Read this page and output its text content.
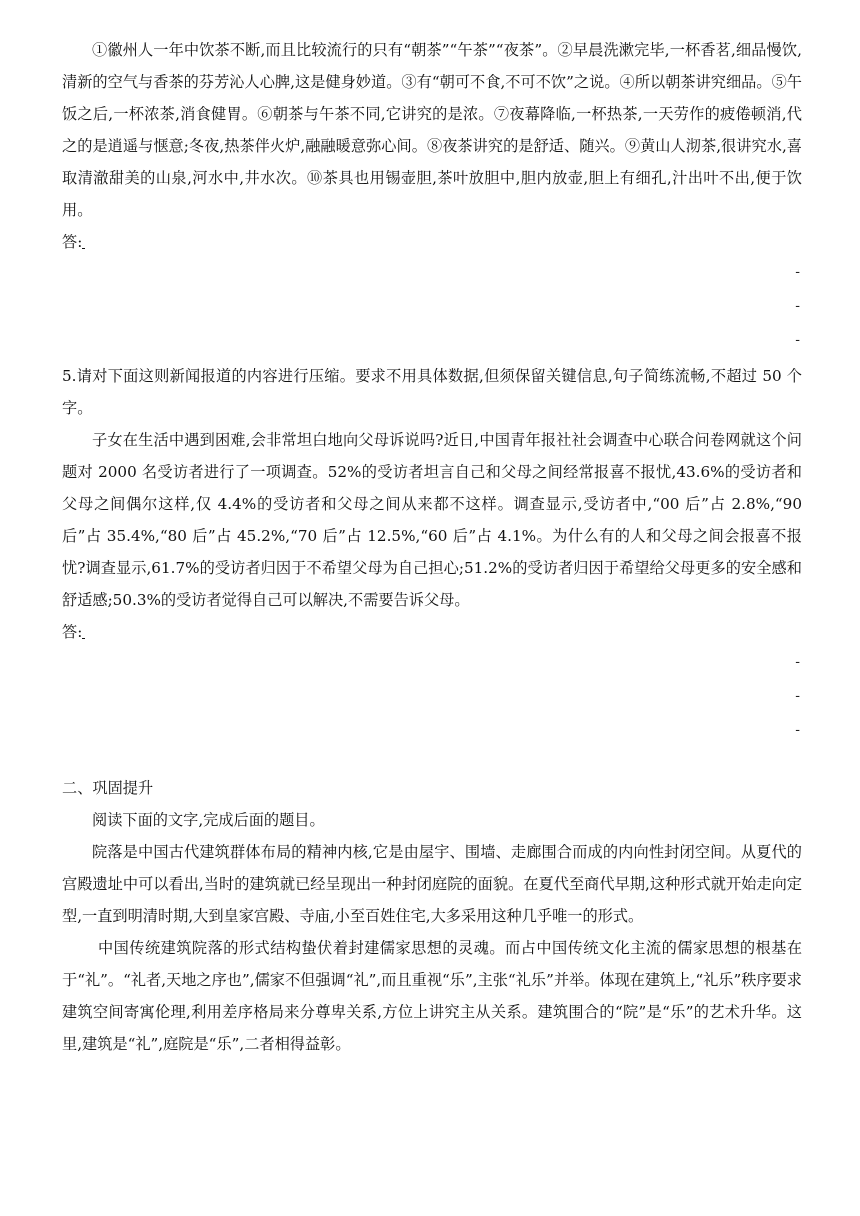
①徽州人一年中饮茶不断,而且比较流行的只有“朝茶”“午茶”“夜茶”。②早晨洗漱完毕,一杯香茗,细品慢饮,清新的空气与香茶的芬芳沁人心脾,这是健身妙道。③有“朝可不食,不可不饮”之说。④所以朝茶讲究细品。⑤午饭之后,一杯浓茶,消食健胃。⑥朝茶与午茶不同,它讲究的是浓。⑦夜幕降临,一杯热茶,一天劳作的疲倦顿消,代之的是逍遥与惬意;冬夜,热茶伴火炉,融融暖意弥心间。⑧夜茶讲究的是舒适、随兴。⑨黄山人沏茶,很讲究水,喜取清澈甜美的山泉,河水中,井水次。⑩茶具也用锡壶胆,茶叶放胆中,胆内放壶,胆上有细孔,汁出叶不出,便于饮用。

答:

-
-
-

5.请对下面这则新闻报道的内容进行压缩。要求不用具体数据,但须保留关键信息,句子简练流畅,不超过 50 个字。

子女在生活中遇到困难,会非常坦白地向父母诉说吗?近日,中国青年报社社会调查中心联合问卷网就这个问题对 2000 名受访者进行了一项调查。52%的受访者坦言自己和父母之间经常报喜不报忧,43.6%的受访者和父母之间偶尔这样,仅 4.4%的受访者和父母之间从来都不这样。调查显示,受访者中,“00 后”占 2.8%,“90 后”占 35.4%,“80 后”占 45.2%,“70 后”占 12.5%,“60 后”占 4.1%。为什么有的人和父母之间会报喜不报忧?调查显示,61.7%的受访者归因于不希望父母为自己担心;51.2%的受访者归因于希望给父母更多的安全感和舒适感;50.3%的受访者觉得自己可以解决,不需要告诉父母。

答:

-
-
-

二、巩固提升

阅读下面的文字,完成后面的题目。

院落是中国古代建筑群体布局的精神内核,它是由屋宇、围墙、走廊围合而成的内向性封闭空间。从夏代的宫殿遗址中可以看出,当时的建筑就已经呈现出一种封闭庭院的面貌。在夏代至商代早期,这种形式就开始走向定型,一直到明清时期,大到皇家宫殿、寺庙,小至百姓住宅,大多采用这种几乎唯一的形式。

中国传统建筑院落的形式结构蛰伏着封建儒家思想的灵魂。而占中国传统文化主流的儒家思想的根基在于“礼”。“礼者,天地之序也”,儒家不但强调“礼”,而且重视“乐”,主张“礼乐”并举。体现在建筑上,“礼乐”秩序要求建筑空间寄寓伦理,利用差序格局来分尊卑关系,方位上讲究主从关系。建筑围合的“院”是“乐”的艺术升华。这里,建筑是“礼”,庭院是“乐”,二者相得益彰。
